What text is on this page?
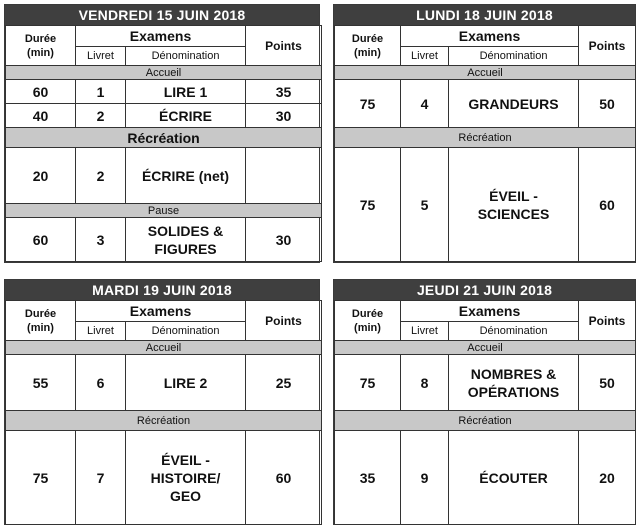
VENDREDI 15 JUIN 2018
Durée
(min)	Examens		Points
	Livret	Dénomination	
Accueil			
60	1	LIRE 1	35
40	2	ÉCRIRE	30
Récréation			
20	2	ÉCRIRE (net)	
Pause			
60	3	SOLIDES &
FIGURES	30
LUNDI 18 JUIN 2018
Durée
(min)	Examens		Points
	Livret	Dénomination	
Accueil			
75	4	GRANDEURS	50
Récréation			
75	5	ÉVEIL -
SCIENCES	60
MARDI 19 JUIN 2018
Durée
(min)	Examens		Points
	Livret	Dénomination	
Accueil			
55	6	LIRE 2	25
Récréation			
75	7	ÉVEIL -
HISTOIRE/
GEO	60
JEUDI 21 JUIN 2018
Durée
(min)	Examens		Points
	Livret	Dénomination	
Accueil			
75	8	NOMBRES &
OPÉRATIONS	50
Récréation			
35	9	ÉCOUTER	20
